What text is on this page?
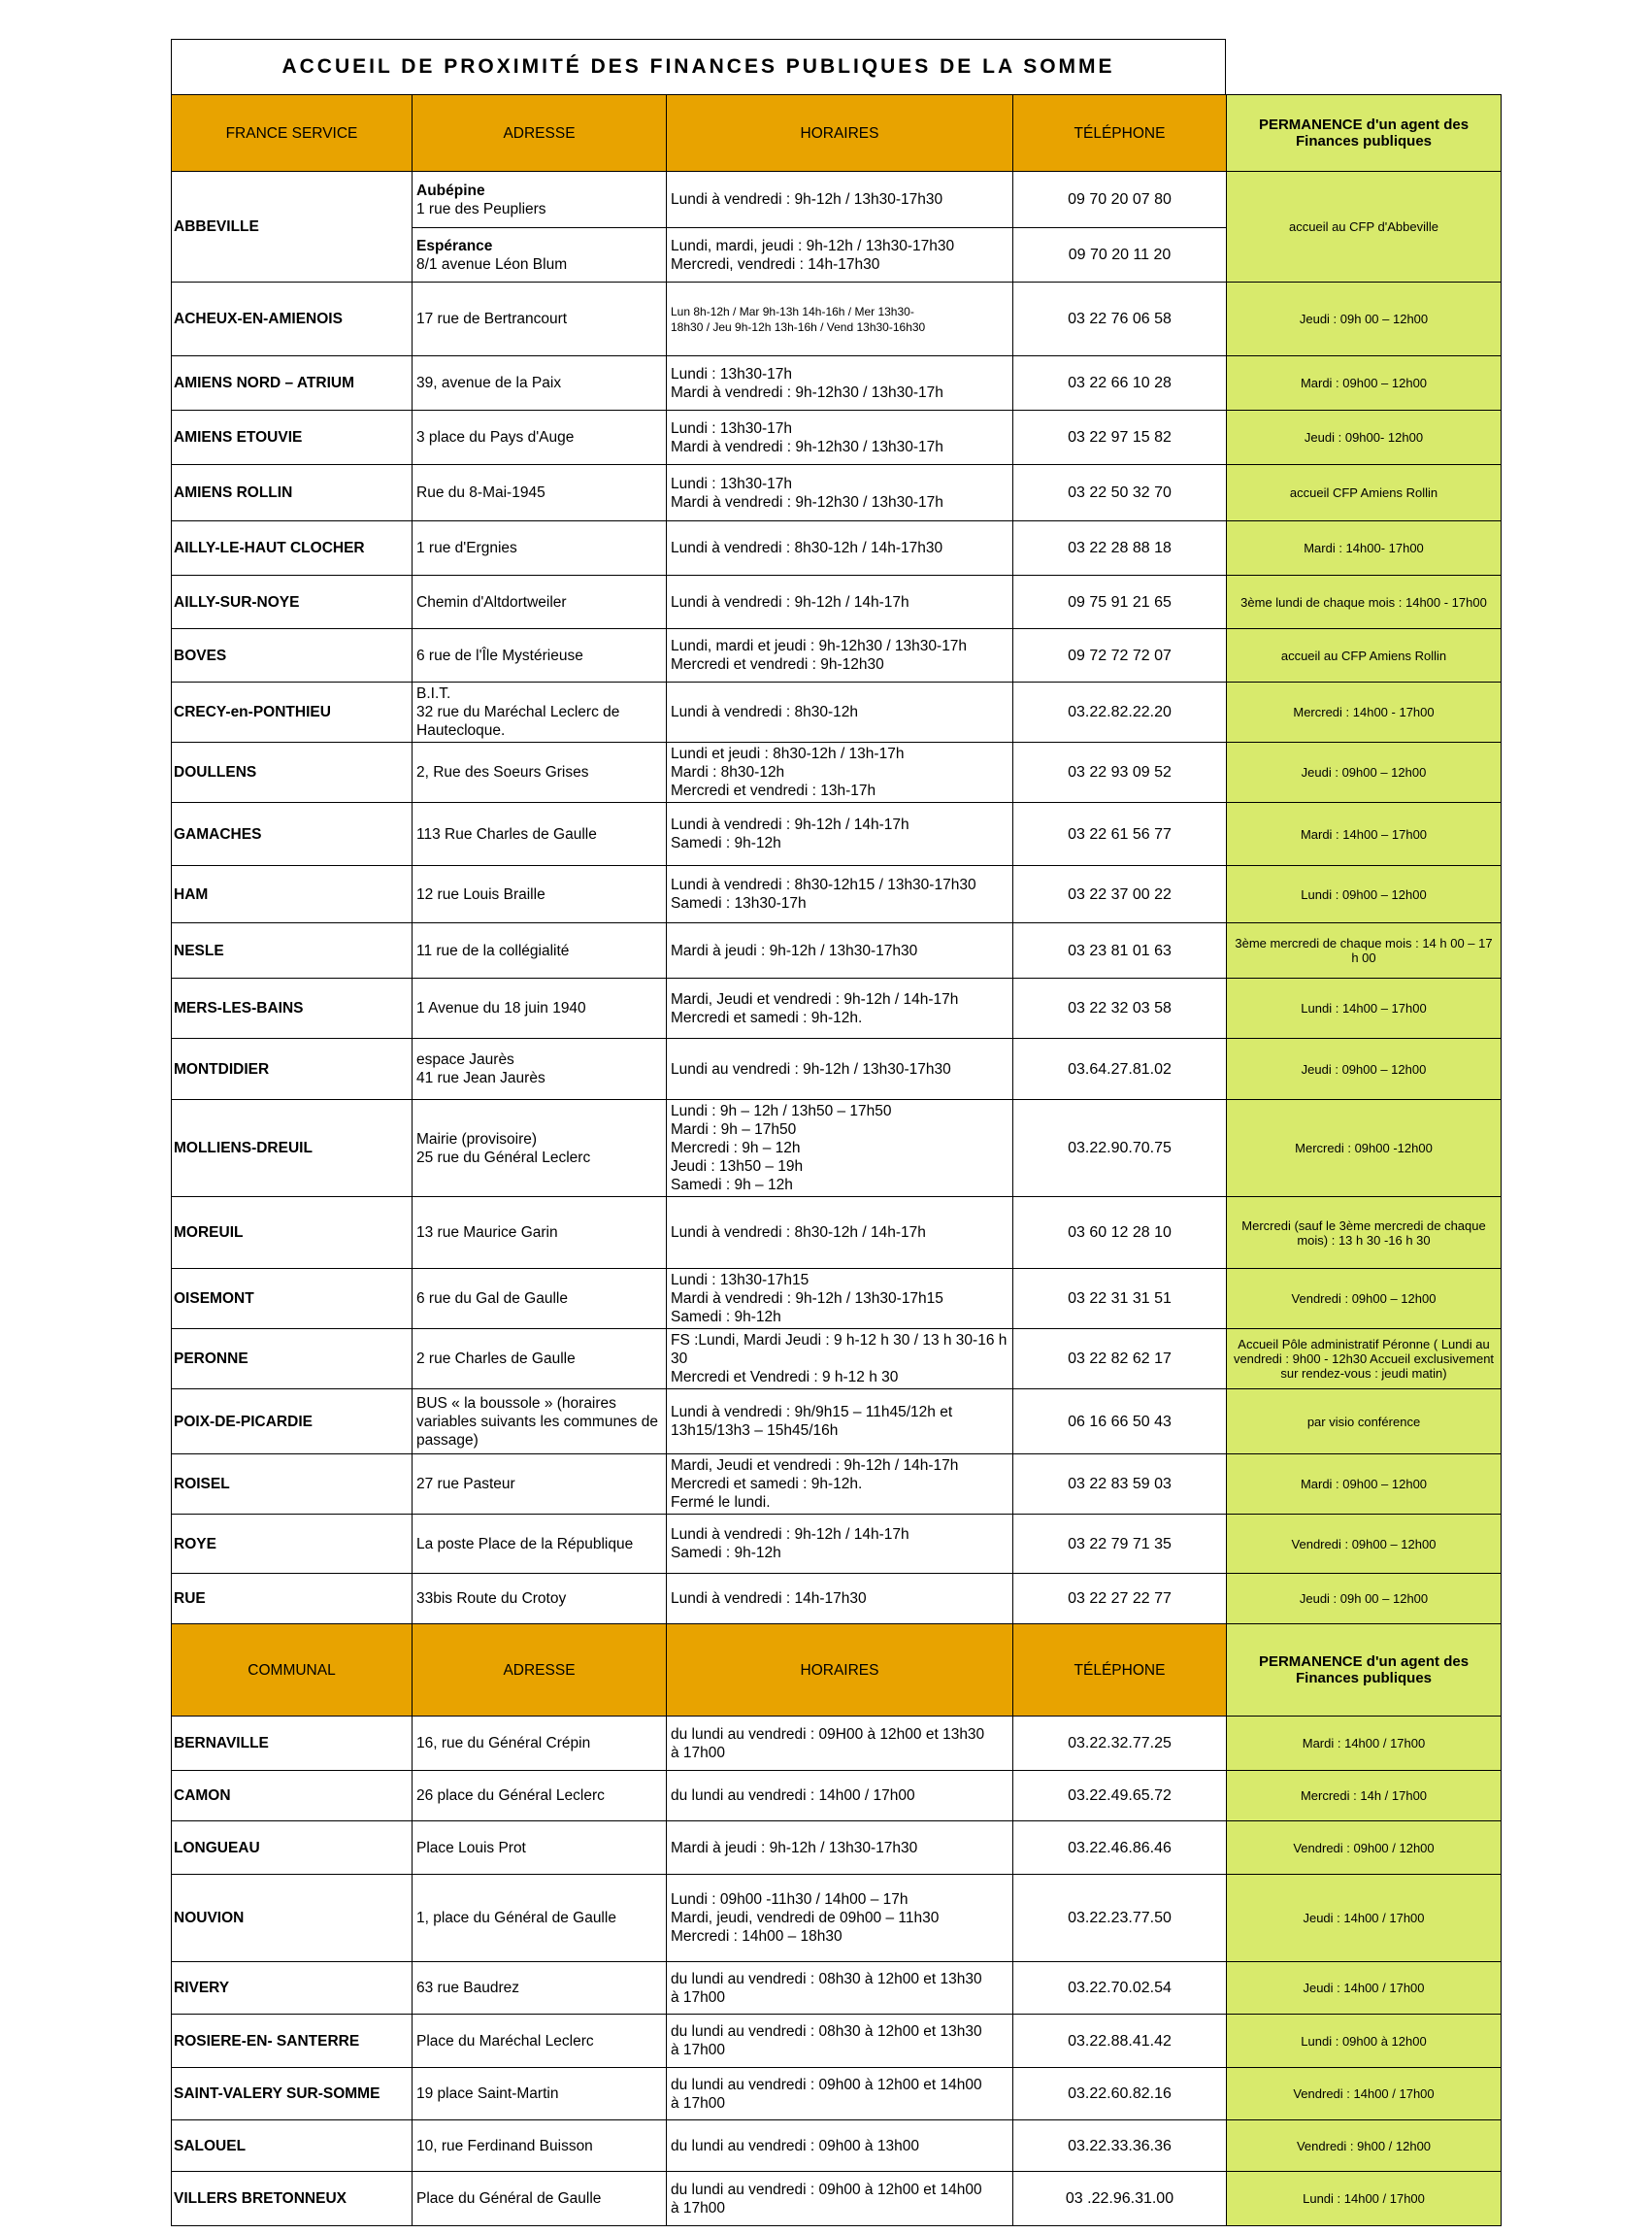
ACCUEIL DE PROXIMITÉ DES FINANCES PUBLIQUES DE LA SOMME
FRANCE SERVICE	ADRESSE	HORAIRES	TÉLÉPHONE	PERMANENCE d'un agent des Finances publiques
ABBEVILLE	Aubépine
1 rue des Peupliers	Lundi à vendredi : 9h-12h / 13h30-17h30	09 70 20 07 80	accueil au CFP d'Abbeville
	Espérance
8/1 avenue Léon Blum	Lundi, mardi, jeudi : 9h-12h / 13h30-17h30
Mercredi, vendredi : 14h-17h30	09 70 20 11 20	
ACHEUX-EN-AMIENOIS	17 rue de Bertrancourt	Lun 8h-12h / Mar 9h-13h 14h-16h / Mer 13h30-
18h30 / Jeu 9h-12h 13h-16h / Vend 13h30-16h30	03 22 76 06 58	Jeudi : 09h 00 – 12h00
AMIENS NORD – ATRIUM	39, avenue de la Paix	Lundi : 13h30-17h
Mardi à vendredi : 9h-12h30 / 13h30-17h	03 22 66 10 28	Mardi : 09h00 – 12h00
AMIENS ETOUVIE	3 place du Pays d'Auge	Lundi : 13h30-17h
Mardi à vendredi : 9h-12h30 / 13h30-17h	03 22 97 15 82	Jeudi : 09h00- 12h00
AMIENS ROLLIN	Rue du 8-Mai-1945	Lundi : 13h30-17h
Mardi à vendredi : 9h-12h30 / 13h30-17h	03 22 50 32 70	accueil CFP Amiens Rollin
AILLY-LE-HAUT CLOCHER	1 rue d'Ergnies	Lundi à vendredi : 8h30-12h / 14h-17h30	03 22 28 88 18	Mardi : 14h00- 17h00
AILLY-SUR-NOYE	Chemin d'Altdortweiler	Lundi à vendredi : 9h-12h / 14h-17h	09 75 91 21 65	3ème lundi de chaque mois : 14h00 - 17h00
BOVES	6 rue de l'Île Mystérieuse	Lundi, mardi et jeudi : 9h-12h30 / 13h30-17h
Mercredi et vendredi : 9h-12h30	09 72 72 72 07	accueil au CFP Amiens Rollin
CRECY-en-PONTHIEU	B.I.T.
32 rue du Maréchal Leclerc de Hautecloque.	Lundi à vendredi : 8h30-12h	03.22.82.22.20	Mercredi : 14h00 - 17h00
DOULLENS	2, Rue des Soeurs Grises	Lundi et jeudi : 8h30-12h / 13h-17h
Mardi : 8h30-12h
Mercredi et vendredi : 13h-17h	03 22 93 09 52	Jeudi : 09h00 – 12h00
GAMACHES	113 Rue Charles de Gaulle	Lundi à vendredi : 9h-12h / 14h-17h
Samedi : 9h-12h	03 22 61 56 77	Mardi : 14h00 – 17h00
HAM	12 rue Louis Braille	Lundi à vendredi : 8h30-12h15 / 13h30-17h30
Samedi : 13h30-17h	03 22 37 00 22	Lundi : 09h00 – 12h00
NESLE	11 rue de la collégialité	Mardi à jeudi : 9h-12h / 13h30-17h30	03 23 81 01 63	3ème mercredi de chaque mois : 14 h 00 – 17 h 00
MERS-LES-BAINS	1 Avenue du 18 juin 1940	Mardi, Jeudi et vendredi : 9h-12h / 14h-17h
Mercredi et samedi : 9h-12h.	03 22 32 03 58	Lundi : 14h00 – 17h00
MONTDIDIER	espace Jaurès
41 rue Jean Jaurès	Lundi au vendredi : 9h-12h / 13h30-17h30	03.64.27.81.02	Jeudi : 09h00 – 12h00
MOLLIENS-DREUIL	Mairie (provisoire)
25 rue du Général Leclerc	Lundi : 9h – 12h / 13h50 – 17h50
Mardi : 9h – 17h50
Mercredi : 9h – 12h
Jeudi : 13h50 – 19h
Samedi : 9h – 12h	03.22.90.70.75	Mercredi : 09h00 -12h00
MOREUIL	13 rue Maurice Garin	Lundi à vendredi : 8h30-12h / 14h-17h	03 60 12 28 10	Mercredi (sauf le 3ème mercredi de chaque mois) : 13 h 30 -16 h 30
OISEMONT	6 rue du Gal de Gaulle	Lundi : 13h30-17h15
Mardi à vendredi : 9h-12h / 13h30-17h15
Samedi : 9h-12h	03 22 31 31 51	Vendredi : 09h00 – 12h00
PERONNE	2 rue Charles de Gaulle	FS :Lundi, Mardi Jeudi : 9 h-12 h 30 / 13 h 30-16 h 30
Mercredi et Vendredi : 9 h-12 h 30	03 22 82 62 17	Accueil Pôle administratif Péronne ( Lundi au vendredi : 9h00 - 12h30 Accueil exclusivement sur rendez-vous : jeudi matin)
POIX-DE-PICARDIE	BUS « la boussole » (horaires variables suivants les communes de passage)	Lundi à vendredi : 9h/9h15 – 11h45/12h et 13h15/13h3 – 15h45/16h	06 16 66 50 43	par visio conférence
ROISEL	27 rue Pasteur	Mardi, Jeudi et vendredi : 9h-12h / 14h-17h
Mercredi et samedi : 9h-12h.
Fermé le lundi.	03 22 83 59 03	Mardi : 09h00 – 12h00
ROYE	La poste Place de la République	Lundi à vendredi : 9h-12h / 14h-17h
Samedi : 9h-12h	03 22 79 71 35	Vendredi : 09h00 – 12h00
RUE	33bis Route du Crotoy	Lundi à vendredi : 14h-17h30	03 22 27 22 77	Jeudi : 09h 00 – 12h00
COMMUNAL	ADRESSE	HORAIRES	TÉLÉPHONE	PERMANENCE d'un agent des Finances publiques
BERNAVILLE	16, rue du Général Crépin	du lundi au vendredi : 09H00 à 12h00 et 13h30
à 17h00	03.22.32.77.25	Mardi : 14h00 / 17h00
CAMON	26 place du Général Leclerc	du lundi au vendredi : 14h00 / 17h00	03.22.49.65.72	Mercredi : 14h / 17h00
LONGUEAU	Place Louis Prot	Mardi à jeudi : 9h-12h / 13h30-17h30	03.22.46.86.46	Vendredi : 09h00 / 12h00
NOUVION	1, place du Général de Gaulle	Lundi : 09h00 -11h30 / 14h00 – 17h
Mardi, jeudi, vendredi de 09h00 – 11h30
Mercredi : 14h00 – 18h30	03.22.23.77.50	Jeudi : 14h00 / 17h00
RIVERY	63 rue Baudrez	du lundi au vendredi : 08h30 à 12h00 et 13h30
à 17h00	03.22.70.02.54	Jeudi : 14h00 / 17h00
ROSIERE-EN- SANTERRE	Place du Maréchal Leclerc	du lundi au vendredi : 08h30 à 12h00 et 13h30
à 17h00	03.22.88.41.42	Lundi : 09h00 à 12h00
SAINT-VALERY SUR-SOMME	19 place Saint-Martin	du lundi au vendredi : 09h00 à 12h00 et 14h00
à 17h00	03.22.60.82.16	Vendredi : 14h00 / 17h00
SALOUEL	10, rue Ferdinand Buisson	du lundi au vendredi : 09h00 à 13h00	03.22.33.36.36	Vendredi : 9h00 / 12h00
VILLERS BRETONNEUX	Place du Général de Gaulle	du lundi au vendredi : 09h00 à 12h00 et 14h00
à 17h00	03 .22.96.31.00	Lundi : 14h00 / 17h00
